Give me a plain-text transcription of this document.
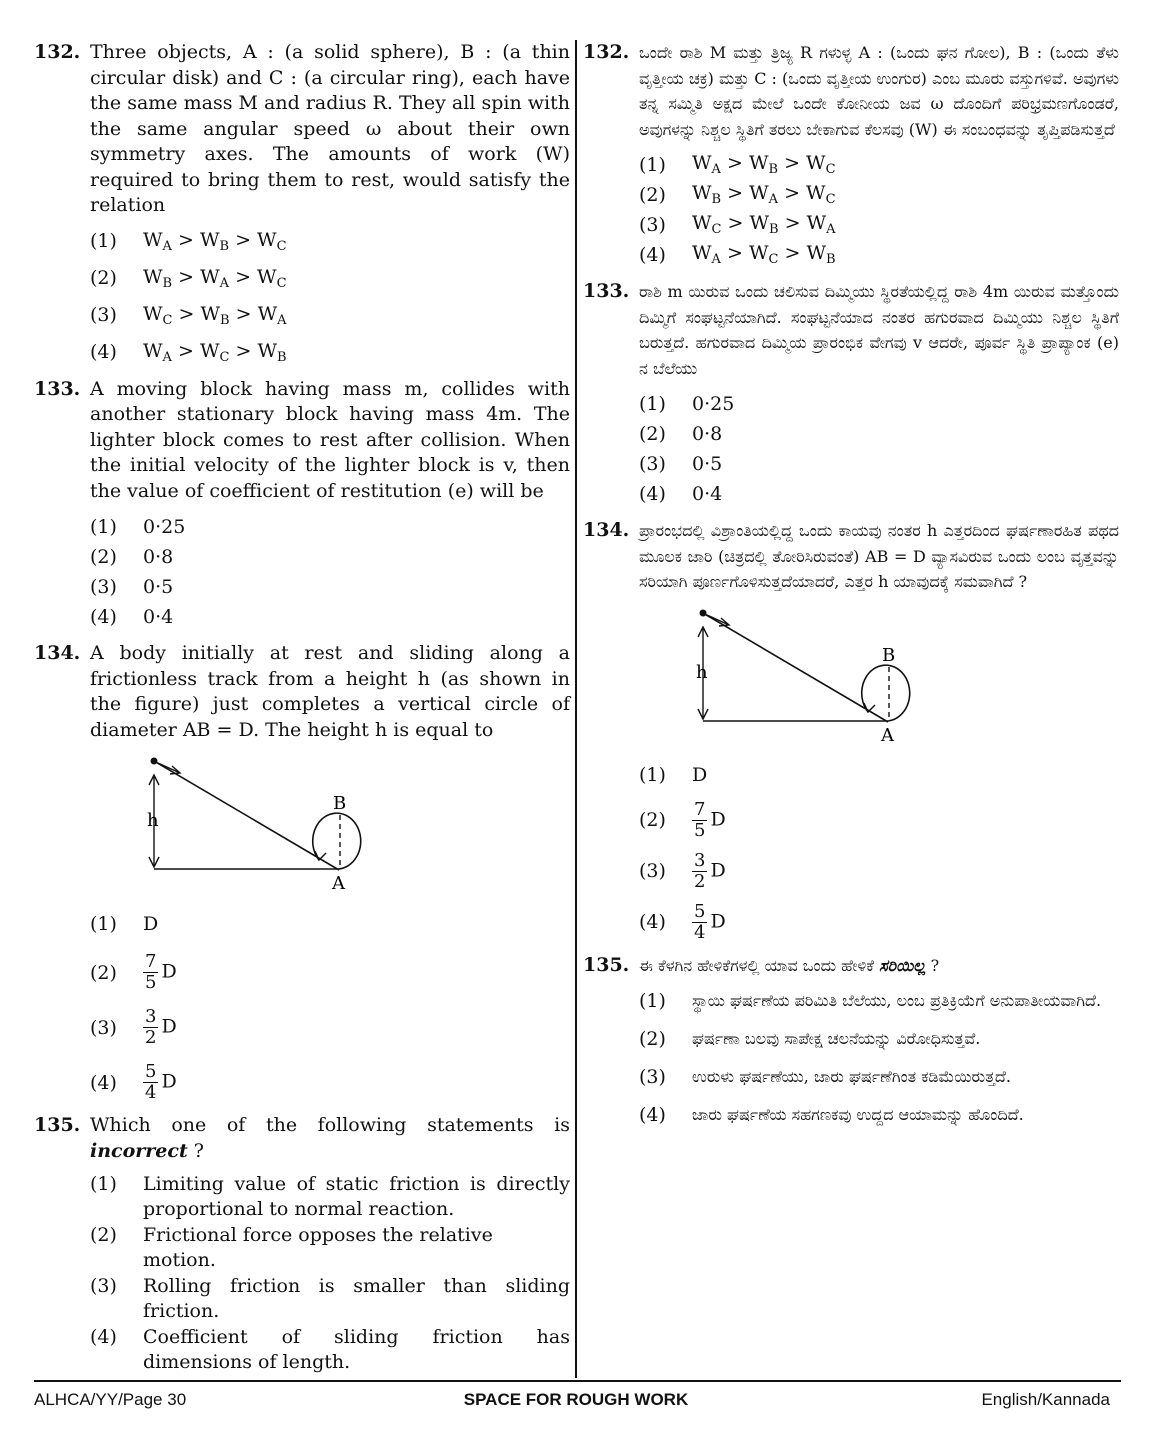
132. Three objects, A : (a solid sphere), B : (a thin circular disk) and C : (a circular ring), each have the same mass M and radius R. They all spin with the same angular speed ω about their own symmetry axes. The amounts of work (W) required to bring them to rest, would satisfy the relation
(1)	$W_A > W_B > W_C$
(2)	$W_B > W_A > W_C$
(3)	$W_C > W_B > W_A$
(4)	$W_A > W_C > W_B$
133. A moving block having mass m, collides with another stationary block having mass 4m. The lighter block comes to rest after collision. When the initial velocity of the lighter block is v, then the value of coefficient of restitution (e) will be
(1)	0·25
(2)	0·8
(3)	0·5
(4)	0·4
134. A body initially at rest and sliding along a frictionless track from a height h (as shown in the figure) just completes a vertical circle of diameter AB = D. The height h is equal to
h
B
A
(1)	D
(2)	$\frac{7}{5}$ D
(3)	$\frac{3}{2}$ D
(4)	$\frac{5}{4}$ D
135. Which one of the following statements is incorrect ?
(1)	Limiting value of static friction is directly proportional to normal reaction.
(2)	Frictional force opposes the relative motion.
(3)	Rolling friction is smaller than sliding friction.
(4)	Coefficient of sliding friction has dimensions of length.
132. ಒಂದೇ ರಾಶಿ M ಮತ್ತು ತ್ರಿಜ್ಯ R ಗಳುಳ್ಳ A : (ಒಂದು ಘನ ಗೋಲ), B : (ಒಂದು ತೆಳು ವೃತ್ತೀಯ ಚಕ್ರ) ಮತ್ತು C : (ಒಂದು ವೃತ್ತೀಯ ಉಂಗುರ) ಎಂಬ ಮೂರು ವಸ್ತುಗಳಿವೆ. ಅವುಗಳು ತನ್ನ ಸಮ್ಮಿತಿ ಅಕ್ಷದ ಮೇಲೆ ಒಂದೇ ಕೋನೀಯ ಜವ ω ದೊಂದಿಗೆ ಪರಿಭ್ರಮಣಗೊಂಡರೆ, ಅವುಗಳನ್ನು ನಿಶ್ಚಲ ಸ್ಥಿತಿಗೆ ತರಲು ಬೇಕಾಗುವ ಕೆಲಸವು (W) ಈ ಸಂಬಂಧವನ್ನು ತೃಪ್ತಿಪಡಿಸುತ್ತದೆ
(1)	$W_A > W_B > W_C$
(2)	$W_B > W_A > W_C$
(3)	$W_C > W_B > W_A$
(4)	$W_A > W_C > W_B$
133. ರಾಶಿ m ಯಿರುವ ಒಂದು ಚಲಿಸುವ ದಿಮ್ಮಿಯು ಸ್ಥಿರತೆಯಲ್ಲಿದ್ದ ರಾಶಿ 4m ಯಿರುವ ಮತ್ತೊಂದು ದಿಮ್ಮಿಗೆ ಸಂಘಟ್ಟನೆಯಾಗಿದೆ. ಸಂಘಟ್ಟನೆಯಾದ ನಂತರ ಹಗುರವಾದ ದಿಮ್ಮಿಯು ನಿಶ್ಚಲ ಸ್ಥಿತಿಗೆ ಬರುತ್ತದೆ. ಹಗುರವಾದ ದಿಮ್ಮಿಯ ಪ್ರಾರಂಭಿಕ ವೇಗವು v ಆದರೇ, ಪೂರ್ವ ಸ್ಥಿತಿ ಪ್ರಾಪ್ಯಾಂಕ (e) ನ ಬೆಲೆಯು
(1)	0·25
(2)	0·8
(3)	0·5
(4)	0·4
134. ಪ್ರಾರಂಭದಲ್ಲಿ ವಿಶ್ರಾಂತಿಯಲ್ಲಿದ್ದ ಒಂದು ಕಾಯವು ನಂತರ h ಎತ್ತರದಿಂದ ಘರ್ಷಣಾರಹಿತ ಪಥದ ಮೂಲಕ ಜಾರಿ (ಚಿತ್ರದಲ್ಲಿ ತೋರಿಸಿರುವಂತೆ) AB = D ವ್ಯಾಸವಿರುವ ಒಂದು ಲಂಬ ವೃತ್ತವನ್ನು ಸರಿಯಾಗಿ ಪೂರ್ಣಗೊಳಿಸುತ್ತದೆಯಾದರೆ, ಎತ್ತರ h ಯಾವುದಕ್ಕೆ ಸಮವಾಗಿದೆ ?
h
B
A
(1)	D
(2)	$\frac{7}{5}$ D
(3)	$\frac{3}{2}$ D
(4)	$\frac{5}{4}$ D
135. ಈ ಕೆಳಗಿನ ಹೇಳಿಕೆಗಳಲ್ಲಿ ಯಾವ ಒಂದು ಹೇಳಿಕೆ ಸರಿಯಿಲ್ಲ ?
(1)	ಸ್ಥಾಯಿ ಘರ್ಷಣೆಯ ಪರಿಮಿತಿ ಬೆಲೆಯು, ಲಂಬ ಪ್ರತಿಕ್ರಿಯೆಗೆ ಅನುಪಾತೀಯವಾಗಿದೆ.
(2)	ಘರ್ಷಣಾ ಬಲವು ಸಾಪೇಕ್ಷ ಚಲನೆಯನ್ನು ವಿರೋಧಿಸುತ್ತವೆ.
(3)	ಉರುಳು ಘರ್ಷಣೆಯು, ಜಾರು ಘರ್ಷಣೆಗಿಂತ ಕಡಿಮೆಯಿರುತ್ತದೆ.
(4)	ಜಾರು ಘರ್ಷಣೆಯ ಸಹಗಣಕವು ಉದ್ದದ ಆಯಾಮನ್ನು ಹೊಂದಿದೆ.
ALHCA/YY/Page 30	SPACE FOR ROUGH WORK	English/Kannada
